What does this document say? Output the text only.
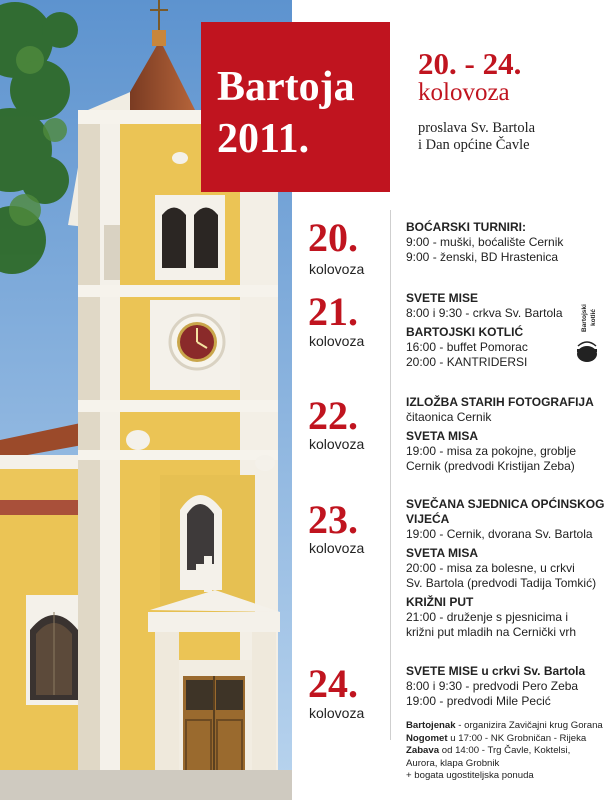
Bartoja
2011.
20. - 24.
kolovoza
proslava Sv. Bartola
i Dan općine Čavle
20.
kolovoza
BOĆARSKI TURNIRI:
9:00 - muški, boćalište Cernik
9:00 - ženski, BD Hrastenica
21.
kolovoza
SVETE MISE
8:00 i 9:30 - crkva Sv. Bartola
BARTOJSKI KOTLIĆ
16:00 - buffet Pomorac
20:00 - KANTRIDERSI
Bartojski kotlić
22.
kolovoza
IZLOŽBA STARIH FOTOGRAFIJA
čitaonica Cernik
SVETA MISA
19:00 - misa za pokojne, groblje
Cernik (predvodi Kristijan Zeba)
23.
kolovoza
SVEČANA SJEDNICA OPĆINSKOG
VIJEĆA
19:00 - Cernik, dvorana Sv. Bartola
SVETA MISA
20:00 - misa za bolesne, u crkvi
Sv. Bartola (predvodi Tadija Tomkić)
KRIŽNI PUT
21:00 - druženje s pjesnicima i
križni put mladih na Cernički vrh
24.
kolovoza
SVETE MISE u crkvi Sv. Bartola
8:00 i 9:30 - predvodi Pero Zeba
19:00 - predvodi Mile Pecić
Bartojenak - organizira Zavičajni krug Gorana
Nogomet u 17:00 - NK Grobničan - Rijeka
Zabava od 14:00 - Trg Čavle, Koktelsi,
Aurora, klapa Grobnik
+ bogata ugostiteljska ponuda
